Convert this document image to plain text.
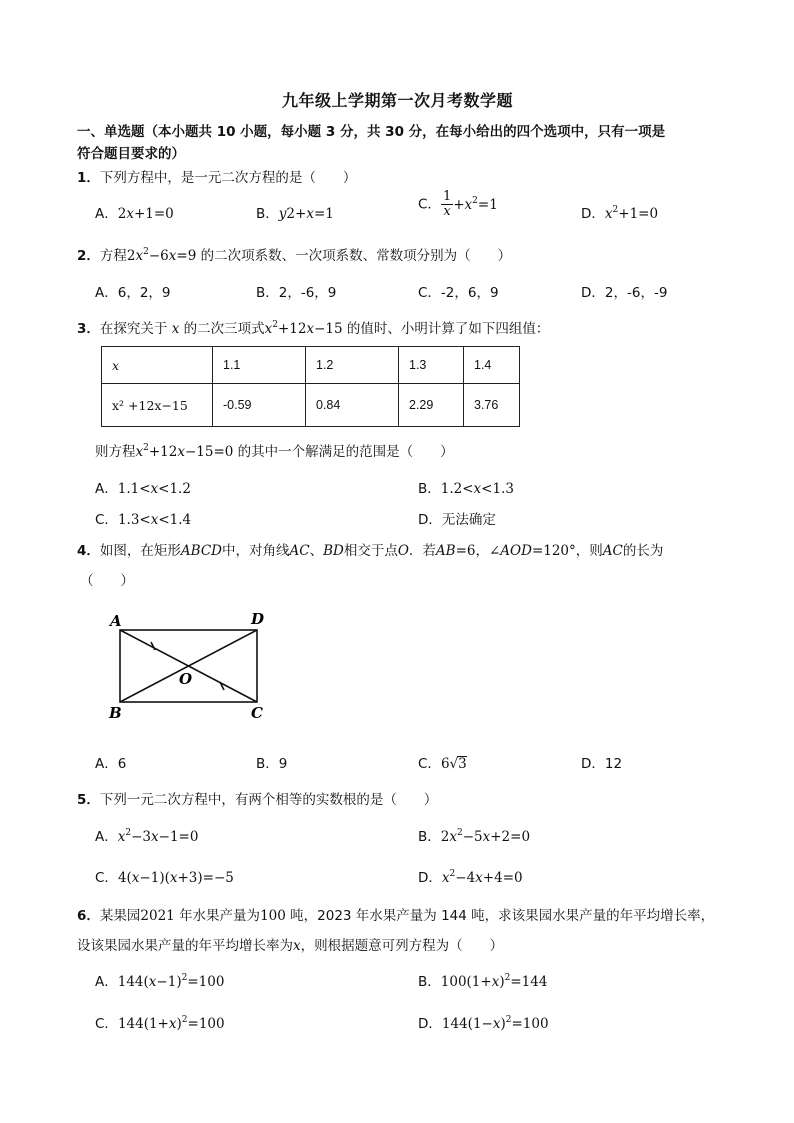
九年级上学期第一次月考数学题
一、单选题（本小题共 10 小题，每小题 3 分，共 30 分，在每小给出的四个选项中，只有一项是
符合题目要求的）
1．下列方程中，是一元二次方程的是（　　）
A．2x+1=0	B．y2+x=1
C． $\frac{1}{x} +x^2=1$
D．$x^2+1=0$
2．方程$2x^2-6x=9$ 的二次项系数、一次项系数、常数项分别为（　　）
A．6，2，9	B．2，-6，9	C．-2，6，9	D．2，-6，-9
3．在探究关于 x 的二次三项式$x^2+12x-15$ 的值时、小明计算了如下四组值：
x	1.1	1.2	1.3	1.4
x² +12x−15	-0.59	0.84	2.29	3.76
则方程$x^2+12x-15=0$ 的其中一个解满足的范围是（　　）
A．1.1<x<1.2	B．1.2<x<1.3
C．1.3<x<1.4	D．无法确定
4．如图，在矩形ABCD中，对角线AC、BD相交于点O．若AB=6，∠AOD=120°，则AC的长为
（　　）
A	D
O
B	C
A．6	B．9	C．6√3	D．12
5．下列一元二次方程中，有两个相等的实数根的是（　　）
A．$x^2-3x-1=0$	B．$2x^2-5x+2=0$
C．4(x−1)(x+3)=−5	D．$x^2-4x+4=0$
6．某果园2021 年水果产量为100 吨，2023 年水果产量为 144 吨，求该果园水果产量的年平均增长率，
设该果园水果产量的年平均增长率为x，则根据题意可列方程为（　　）
A．$144(x-1)^2=100$	B．$100(1+x)^2=144$
C．$144(1+x)^2=100$	D．$144(1-x)^2=100$
